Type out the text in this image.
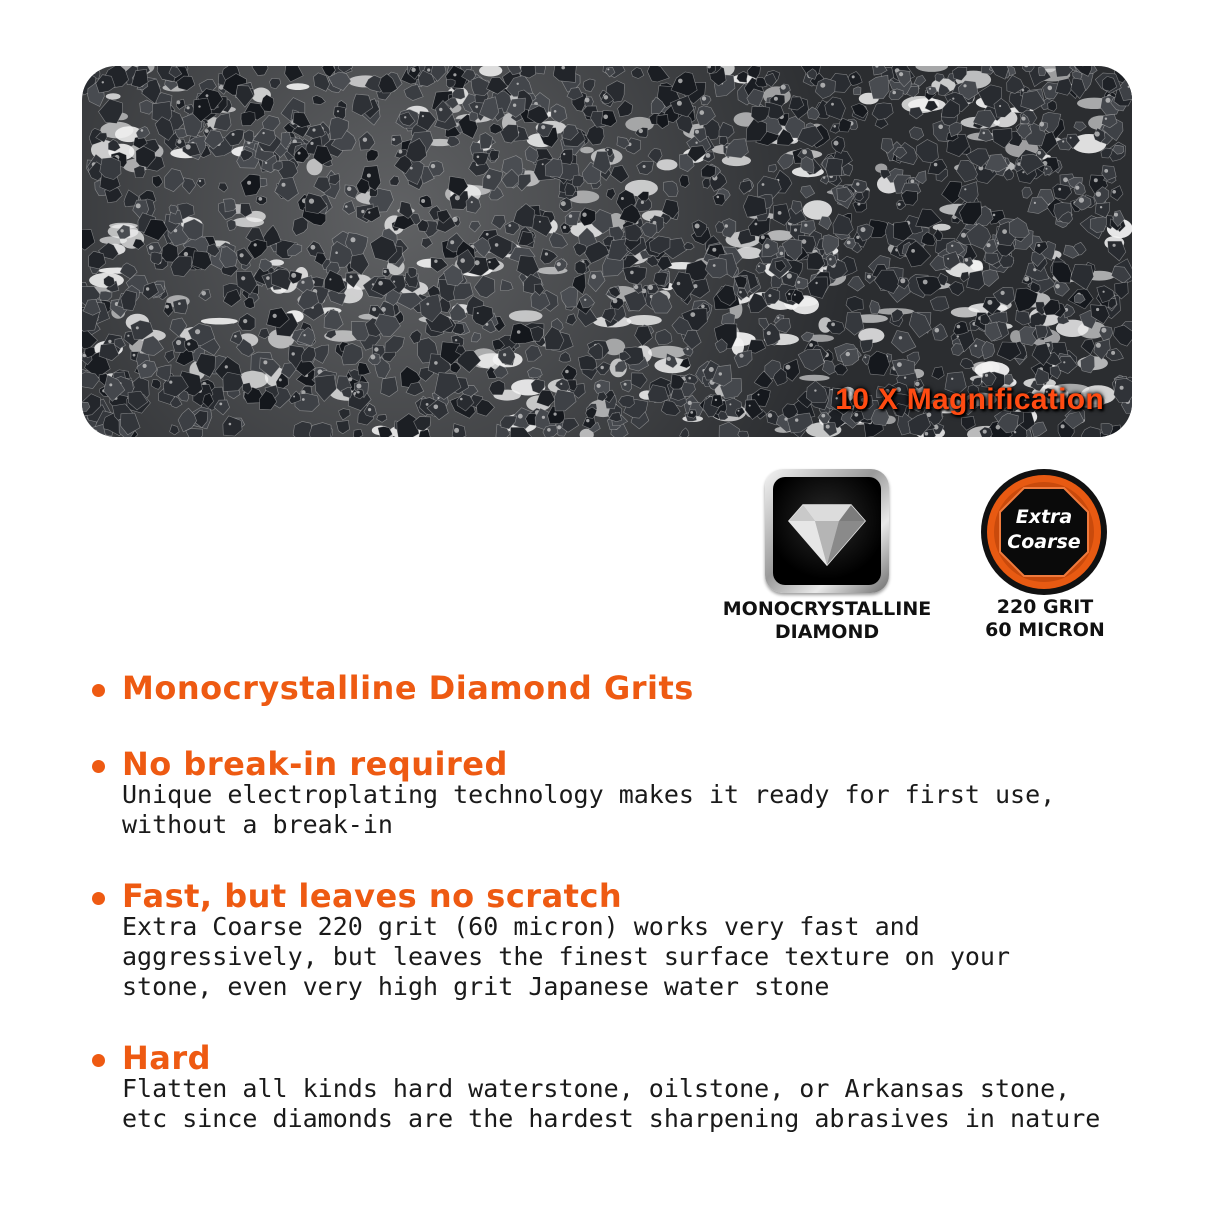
10 X Magnification
MONOCRYSTALLINE
DIAMOND
Extra
Coarse
220 GRIT
60 MICRON
Monocrystalline Diamond Grits
No break-in required
Unique electroplating technology makes it ready for first use, without a break-in
Fast, but leaves no scratch
Extra Coarse 220 grit (60 micron) works very fast and aggressively, but leaves the finest surface texture on your stone, even very high grit Japanese water stone
Hard
Flatten all kinds hard waterstone, oilstone, or Arkansas stone, etc since diamonds are the hardest sharpening abrasives in nature
